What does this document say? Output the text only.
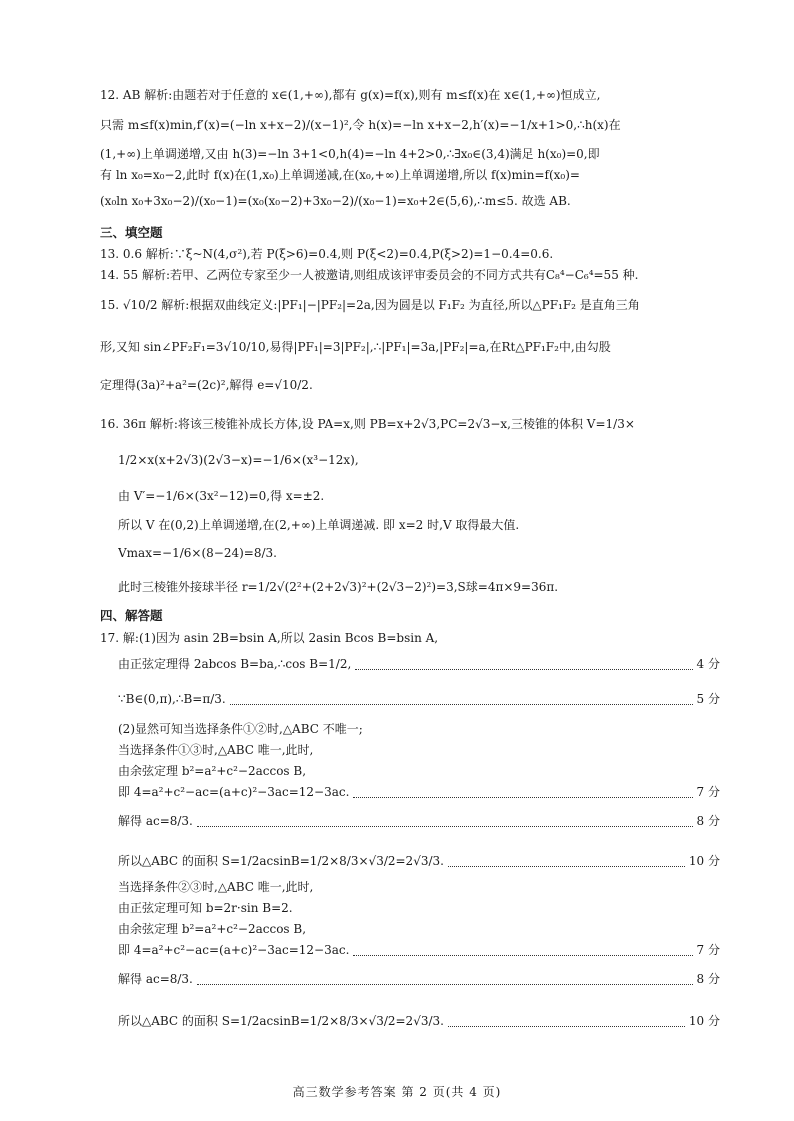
12. AB 解析:由题若对于任意的 x∈(1,+∞),都有 g(x)=f(x),则有 m≤f(x)在 x∈(1,+∞)恒成立,
只需 m≤f(x)min,f′(x)=(−ln x+x−2)/(x−1)²,令 h(x)=−ln x+x−2,h′(x)=−1/x+1>0,∴h(x)在
(1,+∞)上单调递增,又由 h(3)=−ln 3+1<0,h(4)=−ln 4+2>0,∴∃x₀∈(3,4)满足 h(x₀)=0,即
有 ln x₀=x₀−2,此时 f(x)在(1,x₀)上单调递减,在(x₀,+∞)上单调递增,所以 f(x)min=f(x₀)=
(x₀ln x₀+3x₀−2)/(x₀−1)=(x₀(x₀−2)+3x₀−2)/(x₀−1)=x₀+2∈(5,6),∴m≤5. 故选 AB.
三、填空题
13. 0.6 解析:∵ξ~N(4,σ²),若 P(ξ>6)=0.4,则 P(ξ<2)=0.4,P(ξ>2)=1−0.4=0.6.
14. 55 解析:若甲、乙两位专家至少一人被邀请,则组成该评审委员会的不同方式共有C₈⁴−C₆⁴=55 种.
15. √10/2 解析:根据双曲线定义:|PF₁|−|PF₂|=2a,因为圆是以 F₁F₂ 为直径,所以△PF₁F₂ 是直角三角
形,又知 sin∠PF₂F₁=3√10/10,易得|PF₁|=3|PF₂|,∴|PF₁|=3a,|PF₂|=a,在Rt△PF₁F₂中,由勾股
定理得(3a)²+a²=(2c)²,解得 e=√10/2.
16. 36π 解析:将该三棱锥补成长方体,设 PA=x,则 PB=x+2√3,PC=2√3−x,三棱锥的体积 V=1/3×
1/2×x(x+2√3)(2√3−x)=−1/6×(x³−12x),
由 V′=−1/6×(3x²−12)=0,得 x=±2.
所以 V 在(0,2)上单调递增,在(2,+∞)上单调递减. 即 x=2 时,V 取得最大值.
Vmax=−1/6×(8−24)=8/3.
此时三棱锥外接球半径 r=1/2√(2²+(2+2√3)²+(2√3−2)²)=3,S球=4π×9=36π.
四、解答题
17. 解:(1)因为 asin 2B=bsin A,所以 2asin Bcos B=bsin A,
由正弦定理得 2abcos B=ba,∴cos B=1/2,	4 分
∵B∈(0,π),∴B=π/3.	5 分
(2)显然可知当选择条件①②时,△ABC 不唯一;
当选择条件①③时,△ABC 唯一,此时,
由余弦定理 b²=a²+c²−2accos B,
即 4=a²+c²−ac=(a+c)²−3ac=12−3ac.	7 分
解得 ac=8/3.	8 分
所以△ABC 的面积 S=1/2acsinB=1/2×8/3×√3/2=2√3/3.	10 分
当选择条件②③时,△ABC 唯一,此时,
由正弦定理可知 b=2r·sin B=2.
由余弦定理 b²=a²+c²−2accos B,
即 4=a²+c²−ac=(a+c)²−3ac=12−3ac.	7 分
解得 ac=8/3.	8 分
所以△ABC 的面积 S=1/2acsinB=1/2×8/3×√3/2=2√3/3.	10 分
高三数学参考答案 第 2 页(共 4 页)
